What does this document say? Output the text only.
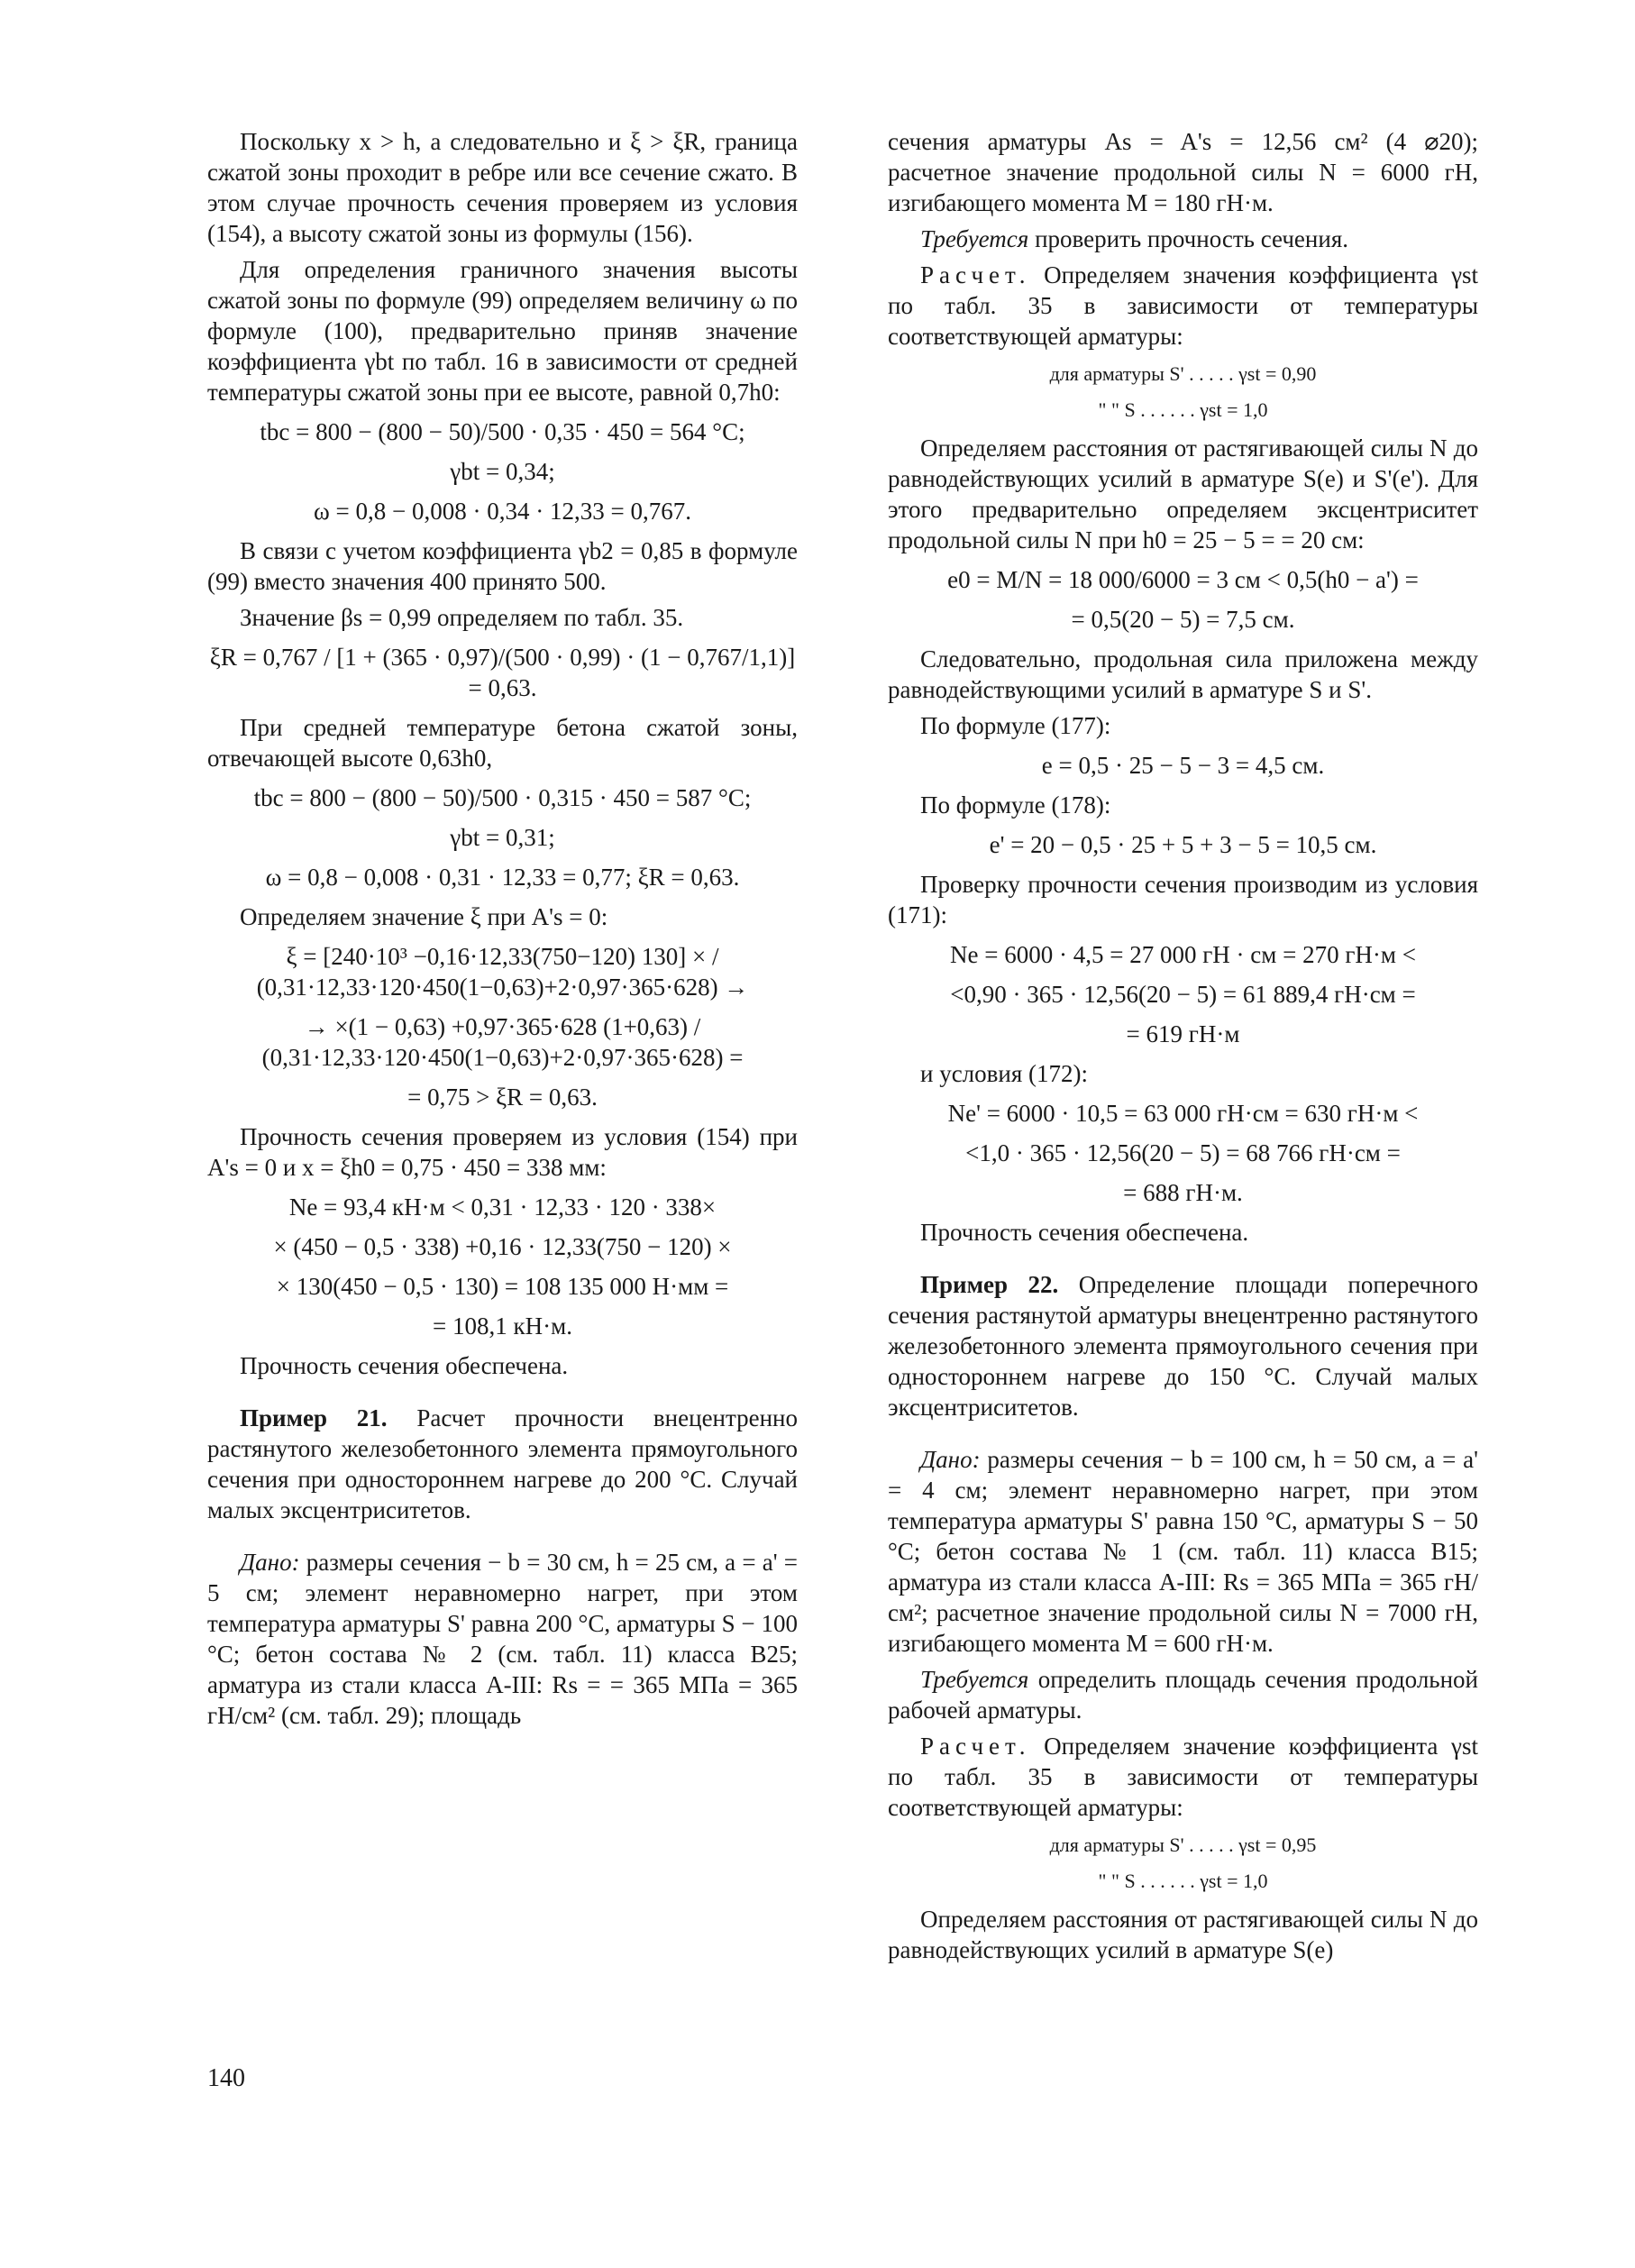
Поскольку x > h, а следовательно и ξ > ξR, граница сжатой зоны проходит в ребре или все сечение сжато. В этом случае прочность сечения проверяем из условия (154), а высоту сжатой зоны из формулы (156).

Для определения граничного значения высоты сжатой зоны по формуле (99) определяем величину ω по формуле (100), предварительно приняв значение коэффициента γbt по табл. 16 в зависимости от средней температуры сжатой зоны при ее высоте, равной 0,7h0:

tbc = 800 − (800 − 50)/500 · 0,35 · 450 = 564 °C;
γbt = 0,34;
ω = 0,8 − 0,008 · 0,34 · 12,33 = 0,767.

В связи с учетом коэффициента γb2 = 0,85 в формуле (99) вместо значения 400 принято 500.

Значение βs = 0,99 определяем по табл. 35.

ξR = 0,767 / [1 + (365 · 0,97)/(500 · 0,99) · (1 − 0,767/1,1)] = 0,63.

При средней температуре бетона сжатой зоны, отвечающей высоте 0,63h0,

tbc = 800 − (800 − 50)/500 · 0,315 · 450 = 587 °C;
γbt = 0,31;
ω = 0,8 − 0,008 · 0,31 · 12,33 = 0,77; ξR = 0,63.

Определяем значение ξ при A's = 0:

ξ = [240·10³ −0,16·12,33(750−120) 130] × / (0,31·12,33·120·450(1−0,63)+2·0,97·365·628) →
→ ×(1 − 0,63) +0,97·365·628 (1+0,63) / (0,31·12,33·120·450(1−0,63)+2·0,97·365·628) =
= 0,75 > ξR = 0,63.

Прочность сечения проверяем из условия (154) при A's = 0 и x = ξh0 = 0,75 · 450 = 338 мм:

Ne = 93,4 кН·м < 0,31 · 12,33 · 120 · 338×
× (450 − 0,5 · 338) +0,16 · 12,33(750 − 120) ×
× 130(450 − 0,5 · 130) = 108 135 000 Н·мм =
= 108,1 кН·м.

Прочность сечения обеспечена.

Пример 21. Расчет прочности внецентренно растянутого железобетонного элемента прямоугольного сечения при одностороннем нагреве до 200 °С. Случай малых эксцентриситетов.

Дано: размеры сечения − b = 30 см, h = 25 см, a = a' = 5 см; элемент неравномерно нагрет, при этом температура арматуры S' равна 200 °С, арматуры S − 100 °С; бетон состава № 2 (см. табл. 11) класса В25; арматура из стали класса А-III: Rs = = 365 МПа = 365 гН/см² (см. табл. 29); площадь

сечения арматуры As = A's = 12,56 см² (4 ⌀20); расчетное значение продольной силы N = 6000 гН, изгибающего момента M = 180 гН·м.

Требуется проверить прочность сечения.

Расчет. Определяем значения коэффициента γst по табл. 35 в зависимости от температуры соответствующей арматуры:

для арматуры S' . . . . . γst = 0,90
" " S . . . . . . γst = 1,0

Определяем расстояния от растягивающей силы N до равнодействующих усилий в арматуре S(e) и S'(e'). Для этого предварительно определяем эксцентриситет продольной силы N при h0 = 25 − 5 = = 20 см:

e0 = M/N = 18 000/6000 = 3 см < 0,5(h0 − a') =
= 0,5(20 − 5) = 7,5 см.

Следовательно, продольная сила приложена между равнодействующими усилий в арматуре S и S'.

По формуле (177):

e = 0,5 · 25 − 5 − 3 = 4,5 см.

По формуле (178):

e' = 20 − 0,5 · 25 + 5 + 3 − 5 = 10,5 см.

Проверку прочности сечения производим из условия (171):

Ne = 6000 · 4,5 = 27 000 гН · см = 270 гН·м <
<0,90 · 365 · 12,56(20 − 5) = 61 889,4 гН·см =
= 619 гН·м

и условия (172):

Ne' = 6000 · 10,5 = 63 000 гН·см = 630 гН·м <
<1,0 · 365 · 12,56(20 − 5) = 68 766 гН·см =
= 688 гН·м.

Прочность сечения обеспечена.

Пример 22. Определение площади поперечного сечения растянутой арматуры внецентренно растянутого железобетонного элемента прямоугольного сечения при одностороннем нагреве до 150 °С. Случай малых эксцентриситетов.

Дано: размеры сечения − b = 100 см, h = 50 см, a = a' = 4 см; элемент неравномерно нагрет, при этом температура арматуры S' равна 150 °С, арматуры S − 50 °С; бетон состава № 1 (см. табл. 11) класса В15; арматура из стали класса А-III: Rs = 365 МПа = 365 гН/см²; расчетное значение продольной силы N = 7000 гН, изгибающего момента M = 600 гН·м.

Требуется определить площадь сечения продольной рабочей арматуры.

Расчет. Определяем значение коэффициента γst по табл. 35 в зависимости от температуры соответствующей арматуры:

для арматуры S' . . . . . γst = 0,95
" " S . . . . . . γst = 1,0

Определяем расстояния от растягивающей силы N до равнодействующих усилий в арматуре S(e)

140
